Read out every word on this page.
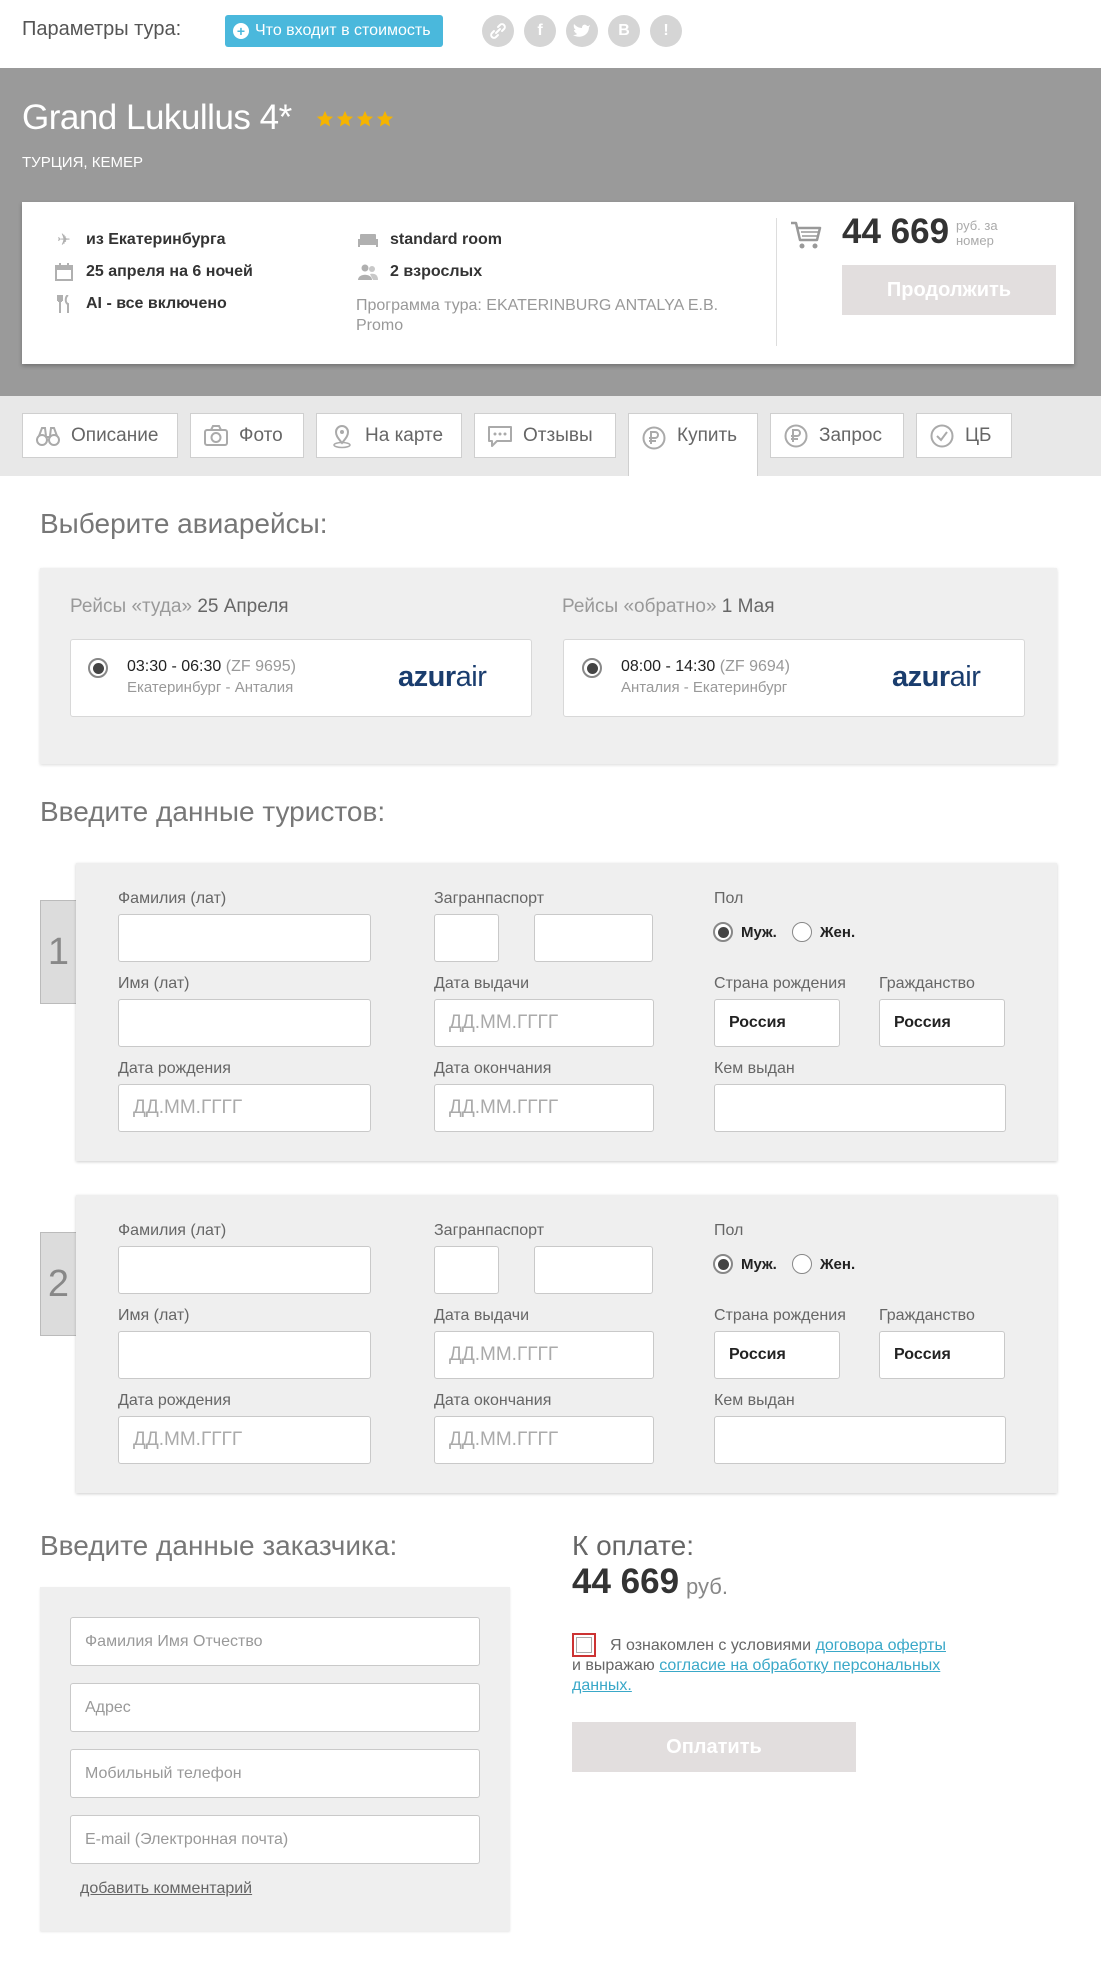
Параметры тура:	+ Что входит в стоимость	f	B	!
Grand Lukullus 4*
ТУРЦИЯ, КЕМЕР
✈ из Екатеринбурга
25 апреля на 6 ночей
AI - все включено
standard room
2 взрослых
Программа тура: EKATERINBURG ANTALYA E.B. Promo
44 669 руб. за номер
Продолжить
Описание	Фото	На карте	Отзывы	Купить	Запрос	ЦБ
Выберите авиарейсы:
Рейсы «туда» 25 Апреля
03:30 - 06:30 (ZF 9695)
Екатеринбург - Анталия	azurair
Рейсы «обратно» 1 Мая
08:00 - 14:30 (ZF 9694)
Анталия - Екатеринбург	azurair
Введите данные туристов:
1
Фамилия (лат)
Имя (лат)
Дата рождения
ДД.ММ.ГГГГ
Загранпаспорт
Дата выдачи
ДД.ММ.ГГГГ
Дата окончания
ДД.ММ.ГГГГ
Пол
Муж.	Жен.
Страна рождения
Россия
Гражданство
Россия
Кем выдан
2
Фамилия (лат)
Имя (лат)
Дата рождения
ДД.ММ.ГГГГ
Загранпаспорт
Дата выдачи
ДД.ММ.ГГГГ
Дата окончания
ДД.ММ.ГГГГ
Пол
Муж.	Жен.
Страна рождения
Россия
Гражданство
Россия
Кем выдан
Введите данные заказчика:
Фамилия Имя Отчество
Адрес
Мобильный телефон
E-mail (Электронная почта)
добавить комментарий
К оплате:
44 669 руб.
Я ознакомлен с условиями договора оферты
и выражаю согласие на обработку персональных данных.
Оплатить
